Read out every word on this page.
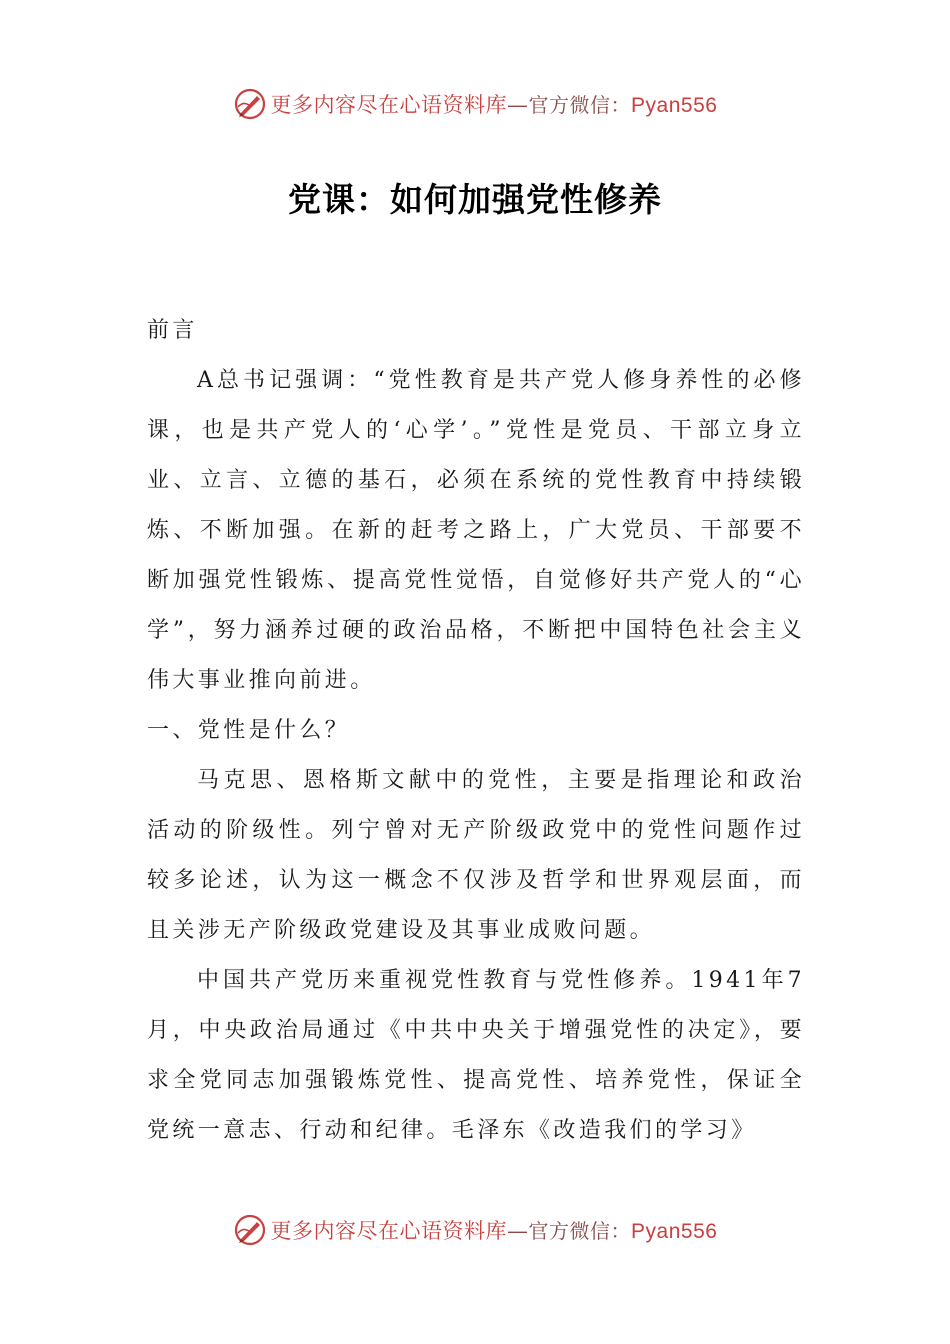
更多内容尽在心语资料库—官方微信：Pyan556
党课：如何加强党性修养

前言

A总书记强调：“党性教育是共产党人修身养性的必修课，也是共产党人的‘心学’。”党性是党员、干部立身立业、立言、立德的基石，必须在系统的党性教育中持续锻炼、不断加强。在新的赶考之路上，广大党员、干部要不断加强党性锻炼、提高党性觉悟，自觉修好共产党人的“心学”，努力涵养过硬的政治品格，不断把中国特色社会主义伟大事业推向前进。

一、党性是什么？

马克思、恩格斯文献中的党性，主要是指理论和政治活动的阶级性。列宁曾对无产阶级政党中的党性问题作过较多论述，认为这一概念不仅涉及哲学和世界观层面，而且关涉无产阶级政党建设及其事业成败问题。

中国共产党历来重视党性教育与党性修养。1941年7月，中央政治局通过《中共中央关于增强党性的决定》，要求全党同志加强锻炼党性、提高党性、培养党性，保证全党统一意志、行动和纪律。毛泽东《改造我们的学习》

更多内容尽在心语资料库—官方微信：Pyan556
